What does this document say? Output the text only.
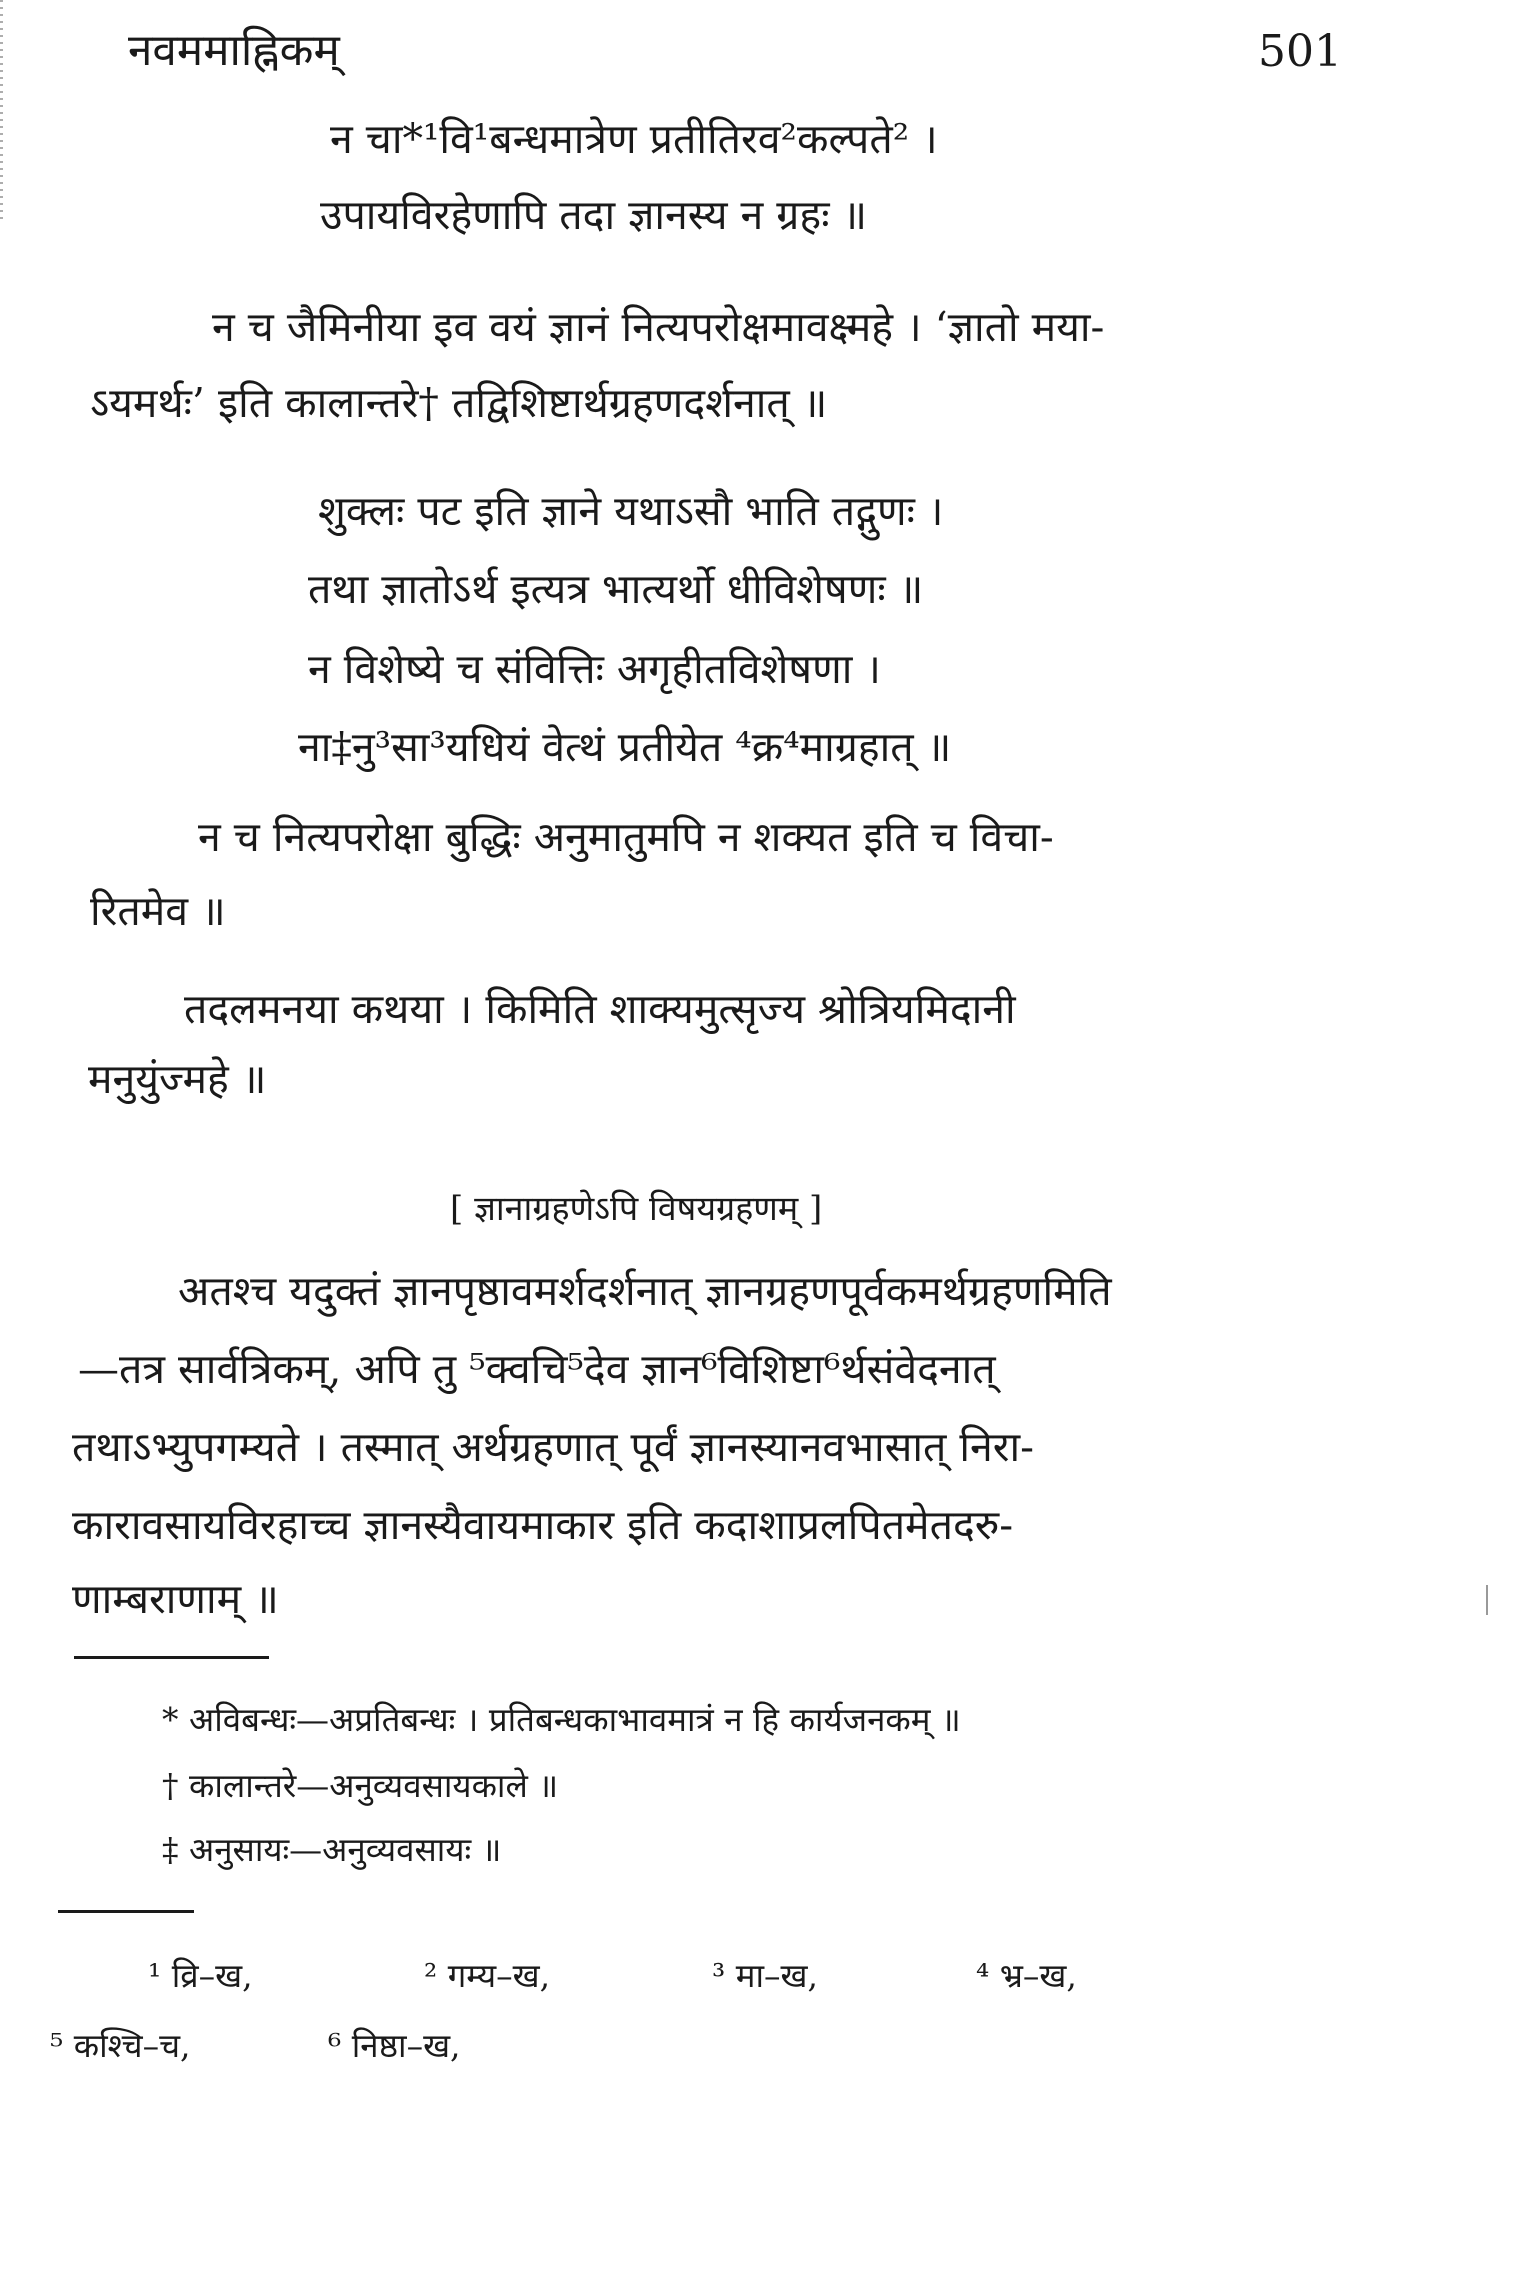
नवममाह्निकम्	501
न चा*¹वि¹बन्धमात्रेण प्रतीतिरव²कल्पते² ।
उपायविरहेणापि तदा ज्ञानस्य न ग्रहः ॥
न च जैमिनीया इव वयं ज्ञानं नित्यपरोक्षमावक्ष्महे । ‘ज्ञातो मया-
ऽयमर्थः’ इति कालान्तरे† तद्विशिष्टार्थग्रहणदर्शनात् ॥
शुक्लः पट इति ज्ञाने यथाऽसौ भाति तद्गुणः ।
तथा ज्ञातोऽर्थ इत्यत्र भात्यर्थो धीविशेषणः ॥
न विशेष्ये च संवित्तिः अगृहीतविशेषणा ।
ना‡नु³सा³यधियं वेत्थं प्रतीयेत ⁴क्र⁴माग्रहात् ॥
न च नित्यपरोक्षा बुद्धिः अनुमातुमपि न शक्यत इति च विचा-
रितमेव ॥
तदलमनया कथया । किमिति शाक्यमुत्सृज्य श्रोत्रियमिदानी
मनुयुंज्महे ॥
[ ज्ञानाग्रहणेऽपि विषयग्रहणम् ]
अतश्च यदुक्तं ज्ञानपृष्ठावमर्शदर्शनात् ज्ञानग्रहणपूर्वकमर्थग्रहणमिति
—तत्र सार्वत्रिकम्, अपि तु ⁵क्वचि⁵देव ज्ञान⁶विशिष्टा⁶र्थसंवेदनात्
तथाऽभ्युपगम्यते । तस्मात् अर्थग्रहणात् पूर्वं ज्ञानस्यानवभासात् निरा-
कारावसायविरहाच्च ज्ञानस्यैवायमाकार इति कदाशाप्रलपितमेतदरु-
णाम्बराणाम् ॥
* अविबन्धः—अप्रतिबन्धः । प्रतिबन्धकाभावमात्रं न हि कार्यजनकम् ॥
† कालान्तरे—अनुव्यवसायकाले ॥
‡ अनुसायः—अनुव्यवसायः ॥
¹ व्रि–ख,	² गम्य–ख,	³ मा–ख,	⁴ भ्र–ख,
⁵ कश्चि–च,	⁶ निष्ठा–ख,
